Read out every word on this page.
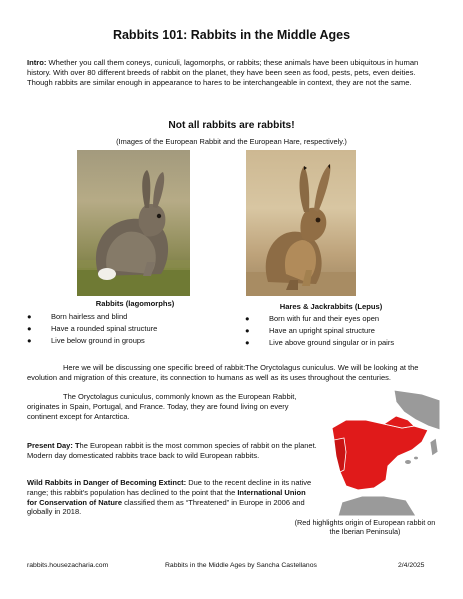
Rabbits 101: Rabbits in the Middle Ages

Intro: Whether you call them coneys, cuniculi, lagomorphs, or rabbits; these animals have been ubiquitous in human history. With over 80 different breeds of rabbit on the planet, they have been seen as food, pests, pets, even deities. Though rabbits are similar enough in appearance to hares to be interchangeable in context, they are not the same.

Not all rabbits are rabbits!
(Images of the European Rabbit and the European Hare, respectively.)
Rabbits (lagomorphs)
●	Born hairless and blind
●	Have a rounded spinal structure
●	Live below ground in groups
Hares & Jackrabbits (Lepus)
●	Born with fur and their eyes open
●	Have an upright spinal structure
●	Live above ground singular or in pairs

Here we will be discussing one specific breed of rabbit:The Oryctolagus cuniculus. We will be looking at the evolution and migration of this creature, its connection to humans as well as its uses throughout the centuries.

The Oryctolagus cuniculus, commonly known as the European Rabbit, originates in Spain, Portugal, and France. Today, they are found living on every continent except for Antarctica.

Present Day: The European rabbit is the most common species of rabbit on the planet. Modern day domesticated rabbits trace back to wild European rabbits.

Wild Rabbits in Danger of Becoming Extinct: Due to the recent decline in its native range; this rabbit's population has declined to the point that the International Union for Conservation of Nature classified them as “Threatened” in Europe in 2006 and globally in 2018.

(Red highlights origin of European rabbit on the Iberian Peninsula)
rabbits.housezacharia.com	Rabbits in the Middle Ages by Sancha Castellanos	2/4/2025
